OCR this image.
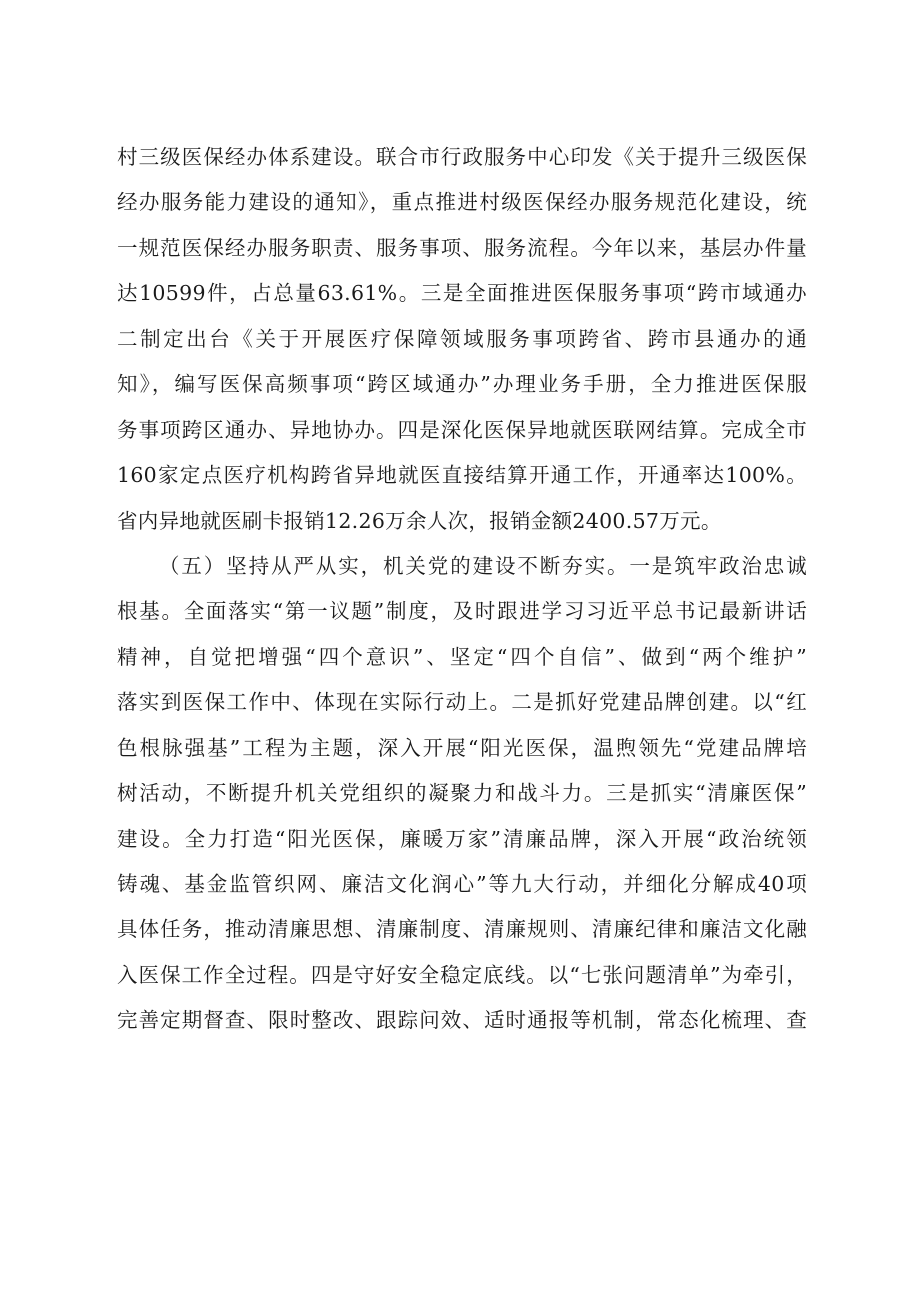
村三级医保经办体系建设。联合市行政服务中心印发《关于提升三级医保
经办服务能力建设的通知》，重点推进村级医保经办服务规范化建设，统
一规范医保经办服务职责、服务事项、服务流程。今年以来，基层办件量
达10599件，占总量63.61%。三是全面推进医保服务事项“跨市域通办
二制定出台《关于开展医疗保障领域服务事项跨省、跨市县通办的通
知》，编写医保高频事项“跨区域通办”办理业务手册，全力推进医保服
务事项跨区通办、异地协办。四是深化医保异地就医联网结算。完成全市
160家定点医疗机构跨省异地就医直接结算开通工作，开通率达100%。
省内异地就医刷卡报销12.26万余人次，报销金额2400.57万元。
（五）坚持从严从实，机关党的建设不断夯实。一是筑牢政治忠诚
根基。全面落实“第一议题”制度，及时跟进学习习近平总书记最新讲话
精神，自觉把增强“四个意识”、坚定“四个自信”、做到“两个维护”
落实到医保工作中、体现在实际行动上。二是抓好党建品牌创建。以“红
色根脉强基”工程为主题，深入开展“阳光医保，温煦领先“党建品牌培
树活动，不断提升机关党组织的凝聚力和战斗力。三是抓实“清廉医保”
建设。全力打造“阳光医保，廉暖万家”清廉品牌，深入开展“政治统领
铸魂、基金监管织网、廉洁文化润心”等九大行动，并细化分解成40项
具体任务，推动清廉思想、清廉制度、清廉规则、清廉纪律和廉洁文化融
入医保工作全过程。四是守好安全稳定底线。以“七张问题清单”为牵引，
完善定期督查、限时整改、跟踪问效、适时通报等机制，常态化梳理、查
